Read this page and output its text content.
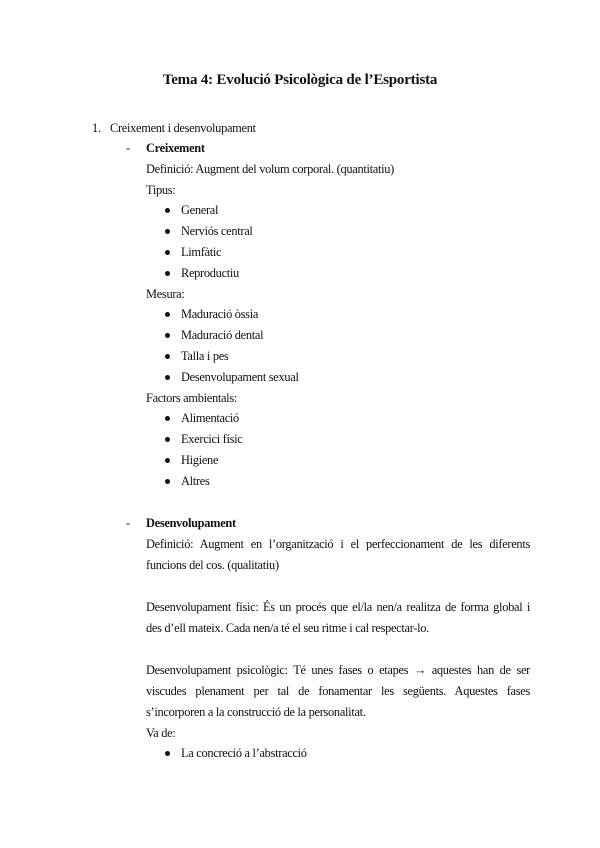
Tema 4: Evolució Psicològica de l’Esportista
1. Creixement i desenvolupament
- Creixement
Definició: Augment del volum corporal. (quantitatiu)
Tipus:
General
Nerviós central
Limfàtic
Reproductiu
Mesura:
Maduració òssia
Maduració dental
Talla i pes
Desenvolupament sexual
Factors ambientals:
Alimentació
Exercici físic
Higiene
Altres
- Desenvolupament
Definició: Augment en l’organització i el perfeccionament de les diferents
funcions del cos. (qualitatiu)
Desenvolupament físic: És un procés que el/la nen/a realitza de forma global i
des d’ell mateix. Cada nen/a té el seu ritme i cal respectar-lo.
Desenvolupament psicològic: Té unes fases o etapes → aquestes han de ser
viscudes plenament per tal de fonamentar les següents. Aquestes fases
s’incorporen a la construcció de la personalitat.
Va de:
La concreció a l’abstracció
